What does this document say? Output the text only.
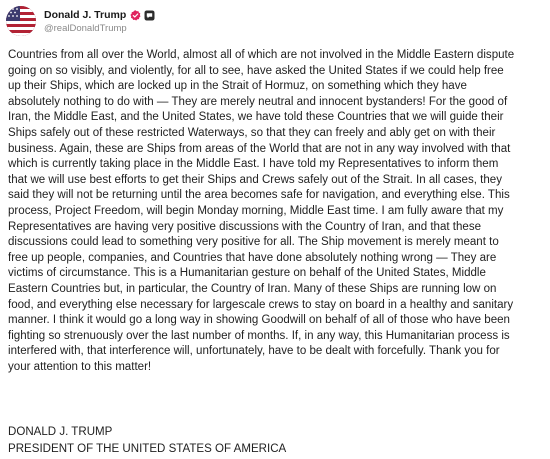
Donald J. Trump
@realDonaldTrump

Countries from all over the World, almost all of which are not involved in the Middle Eastern dispute
going on so visibly, and violently, for all to see, have asked the United States if we could help free
up their Ships, which are locked up in the Strait of Hormuz, on something which they have
absolutely nothing to do with — They are merely neutral and innocent bystanders! For the good of
Iran, the Middle East, and the United States, we have told these Countries that we will guide their
Ships safely out of these restricted Waterways, so that they can freely and ably get on with their
business. Again, these are Ships from areas of the World that are not in any way involved with that
which is currently taking place in the Middle East. I have told my Representatives to inform them
that we will use best efforts to get their Ships and Crews safely out of the Strait. In all cases, they
said they will not be returning until the area becomes safe for navigation, and everything else. This
process, Project Freedom, will begin Monday morning, Middle East time. I am fully aware that my
Representatives are having very positive discussions with the Country of Iran, and that these
discussions could lead to something very positive for all. The Ship movement is merely meant to
free up people, companies, and Countries that have done absolutely nothing wrong — They are
victims of circumstance. This is a Humanitarian gesture on behalf of the United States, Middle
Eastern Countries but, in particular, the Country of Iran. Many of these Ships are running low on
food, and everything else necessary for largescale crews to stay on board in a healthy and sanitary
manner. I think it would go a long way in showing Goodwill on behalf of all of those who have been
fighting so strenuously over the last number of months. If, in any way, this Humanitarian process is
interfered with, that interference will, unfortunately, have to be dealt with forcefully. Thank you for
your attention to this matter!

DONALD J. TRUMP
PRESIDENT OF THE UNITED STATES OF AMERICA
